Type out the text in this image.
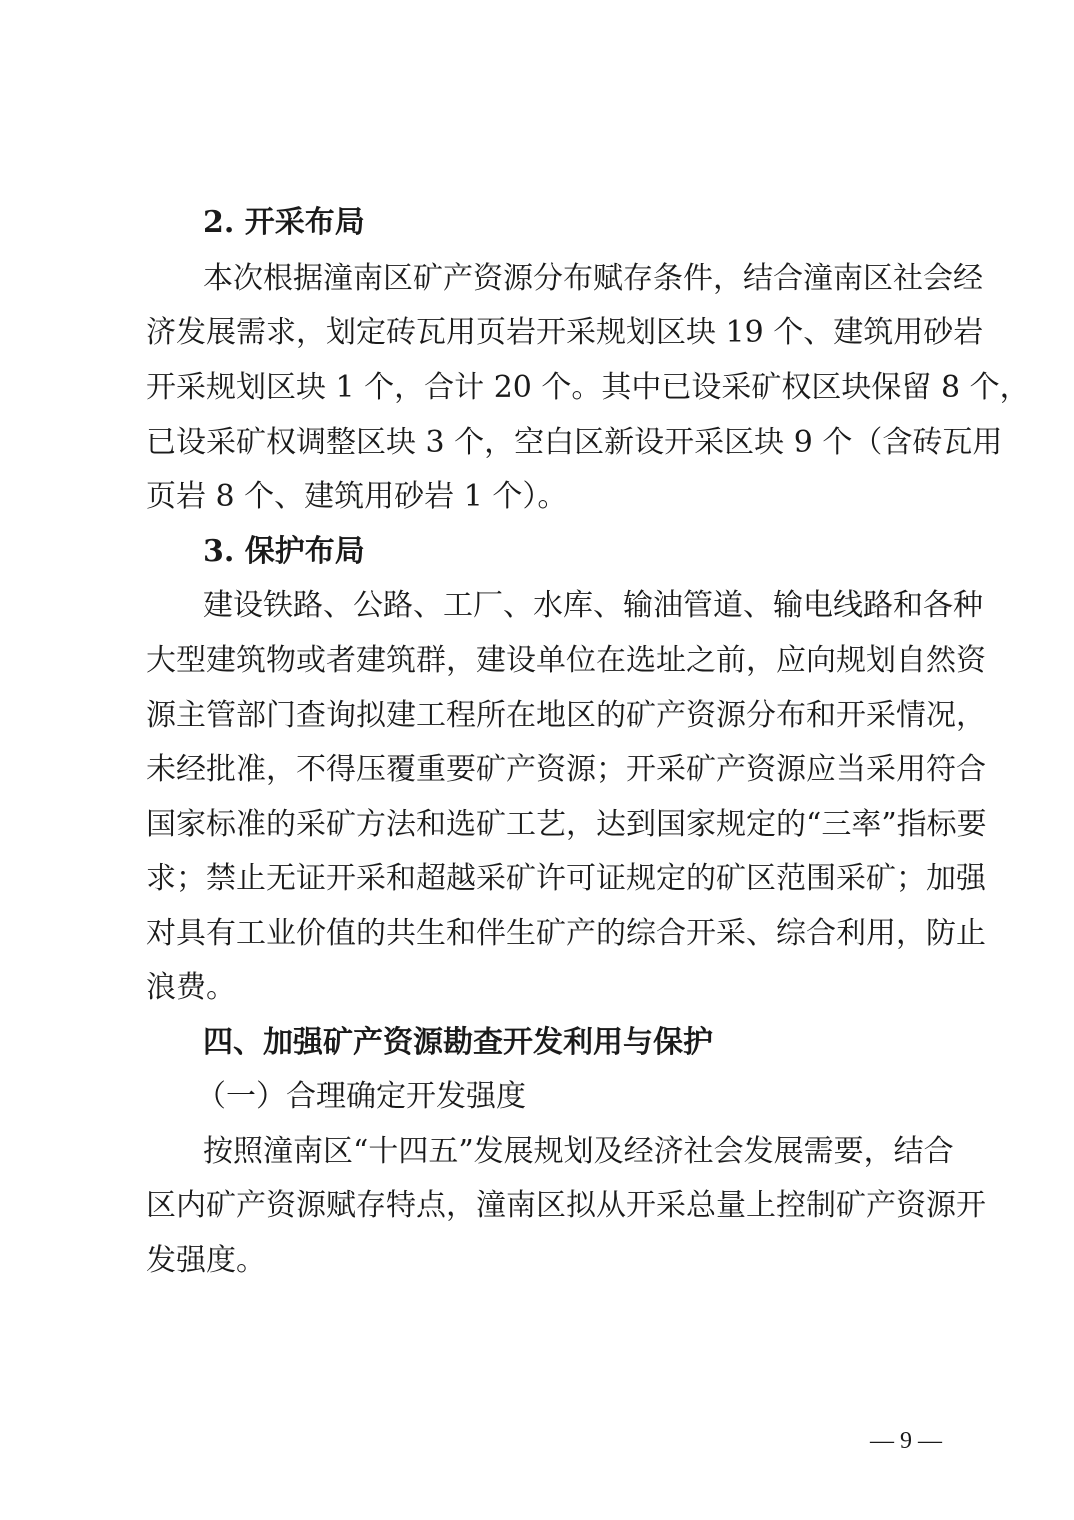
2. 开采布局
本次根据潼南区矿产资源分布赋存条件，结合潼南区社会经
济发展需求，划定砖瓦用页岩开采规划区块 19 个、建筑用砂岩
开采规划区块 1 个，合计 20 个。其中已设采矿权区块保留 8 个，
已设采矿权调整区块 3 个，空白区新设开采区块 9 个（含砖瓦用
页岩 8 个、建筑用砂岩 1 个）。
3. 保护布局
建设铁路、公路、工厂、水库、输油管道、输电线路和各种
大型建筑物或者建筑群，建设单位在选址之前，应向规划自然资
源主管部门查询拟建工程所在地区的矿产资源分布和开采情况，
未经批准，不得压覆重要矿产资源；开采矿产资源应当采用符合
国家标准的采矿方法和选矿工艺，达到国家规定的“三率”指标要
求；禁止无证开采和超越采矿许可证规定的矿区范围采矿；加强
对具有工业价值的共生和伴生矿产的综合开采、综合利用，防止
浪费。
四、加强矿产资源勘查开发利用与保护
（一）合理确定开发强度
按照潼南区“十四五”发展规划及经济社会发展需要，结合
区内矿产资源赋存特点，潼南区拟从开采总量上控制矿产资源开
发强度。
— 9 —
